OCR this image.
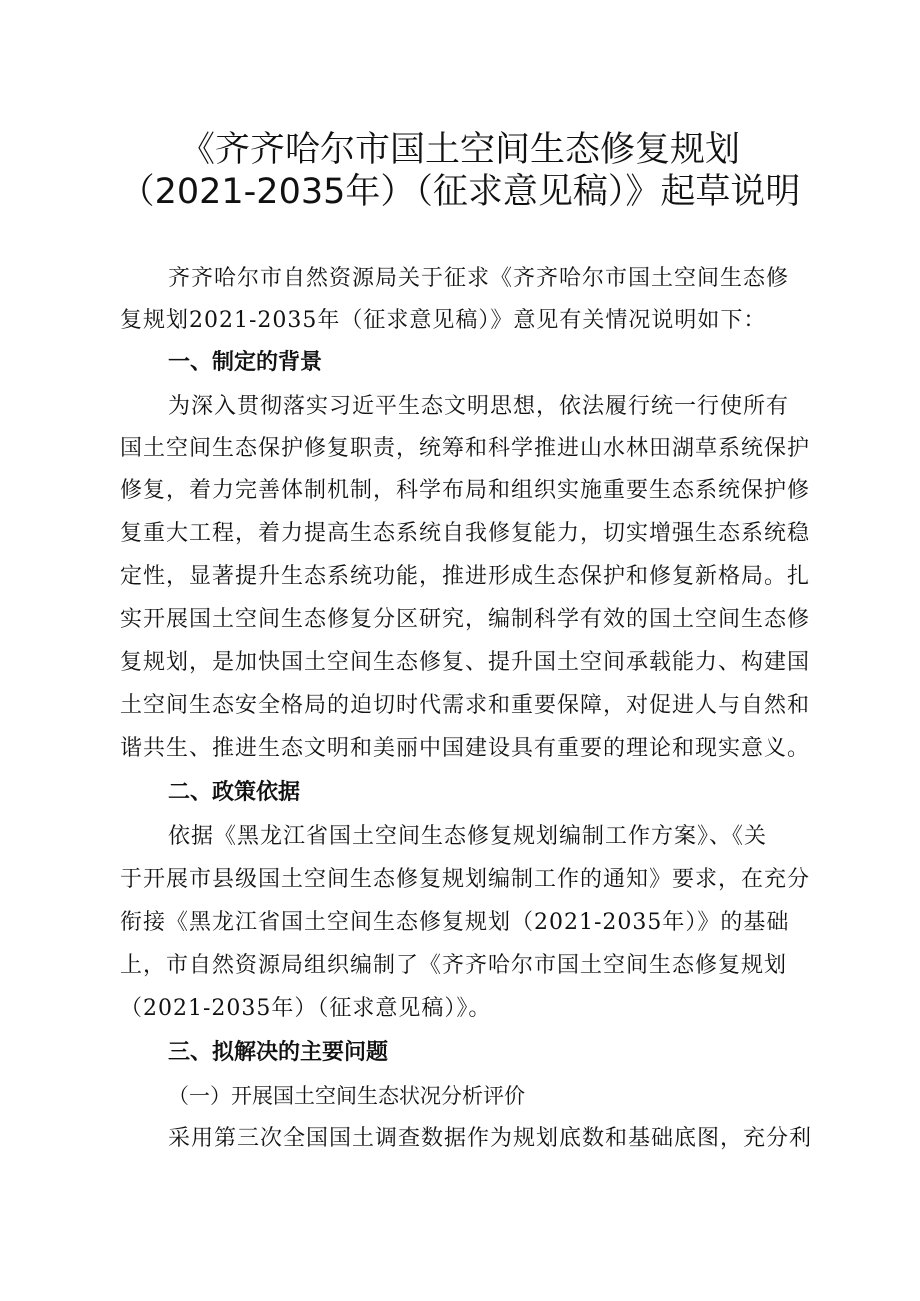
《齐齐哈尔市国土空间生态修复规划
（2021-2035年）（征求意见稿）》起草说明
齐齐哈尔市自然资源局关于征求《齐齐哈尔市国土空间生态修
复规划2021-2035年（征求意见稿）》意见有关情况说明如下：
一、制定的背景
为深入贯彻落实习近平生态文明思想，依法履行统一行使所有
国土空间生态保护修复职责，统筹和科学推进山水林田湖草系统保护
修复，着力完善体制机制，科学布局和组织实施重要生态系统保护修
复重大工程，着力提高生态系统自我修复能力，切实增强生态系统稳
定性，显著提升生态系统功能，推进形成生态保护和修复新格局。扎
实开展国土空间生态修复分区研究，编制科学有效的国土空间生态修
复规划，是加快国土空间生态修复、提升国土空间承载能力、构建国
土空间生态安全格局的迫切时代需求和重要保障，对促进人与自然和
谐共生、推进生态文明和美丽中国建设具有重要的理论和现实意义。
二、政策依据
依据《黑龙江省国土空间生态修复规划编制工作方案》、《关
于开展市县级国土空间生态修复规划编制工作的通知》要求，在充分
衔接《黑龙江省国土空间生态修复规划（2021-2035年）》的基础
上，市自然资源局组织编制了《齐齐哈尔市国土空间生态修复规划
（2021-2035年）（征求意见稿）》。
三、拟解决的主要问题
（一）开展国土空间生态状况分析评价
采用第三次全国国土调查数据作为规划底数和基础底图，充分利
